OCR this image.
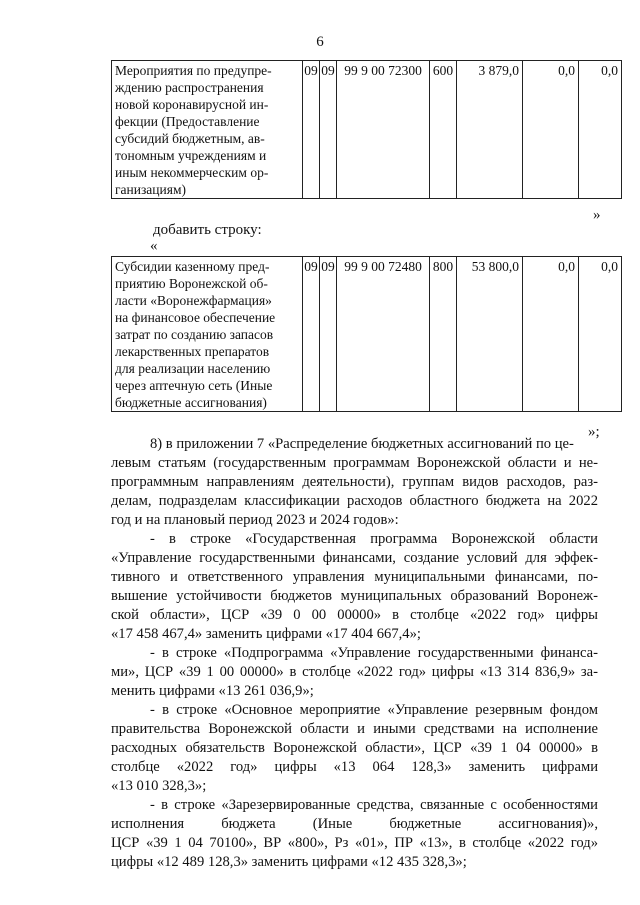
6
Мероприятия по предупре-
ждению распространения
новой коронавирусной ин-
фекции (Предоставление
субсидий бюджетным, ав-
тономным учреждениям и
иным некоммерческим ор-
ганизациям)
	09	09	99 9 00 72300	600	3 879,0	0,0	0,0
»
добавить строку:
«
Субсидии казенному пред-
приятию Воронежской об-
ласти «Воронежфармация»
на финансовое обеспечение
затрат по созданию запасов
лекарственных препаратов
для реализации населению
через аптечную сеть (Иные
бюджетные ассигнования)
	09	09	99 9 00 72480	800	53 800,0	0,0	0,0
»;
8) в приложении 7 «Распределение бюджетных ассигнований по це-
левым статьям (государственным программам Воронежской области и не-
программным направлениям деятельности), группам видов расходов, раз-
делам, подразделам классификации расходов областного бюджета на 2022
год и на плановый период 2023 и 2024 годов»:
- в строке «Государственная программа Воронежской области
«Управление государственными финансами, создание условий для эффек-
тивного и ответственного управления муниципальными финансами, по-
вышение устойчивости бюджетов муниципальных образований Воронеж-
ской области», ЦСР «39 0 00 00000» в столбце «2022 год» цифры
«17 458 467,4» заменить цифрами «17 404 667,4»;
- в строке «Подпрограмма «Управление государственными финанса-
ми», ЦСР «39 1 00 00000» в столбце «2022 год» цифры «13 314 836,9» за-
менить цифрами «13 261 036,9»;
- в строке «Основное мероприятие «Управление резервным фондом
правительства Воронежской области и иными средствами на исполнение
расходных обязательств Воронежской области», ЦСР «39 1 04 00000» в
столбце «2022 год» цифры «13 064 128,3» заменить цифрами
«13 010 328,3»;
- в строке «Зарезервированные средства, связанные с особенностями
исполнения бюджета (Иные бюджетные ассигнования)»,
ЦСР «39 1 04 70100», ВР «800», Рз «01», ПР «13», в столбце «2022 год»
цифры «12 489 128,3» заменить цифрами «12 435 328,3»;
